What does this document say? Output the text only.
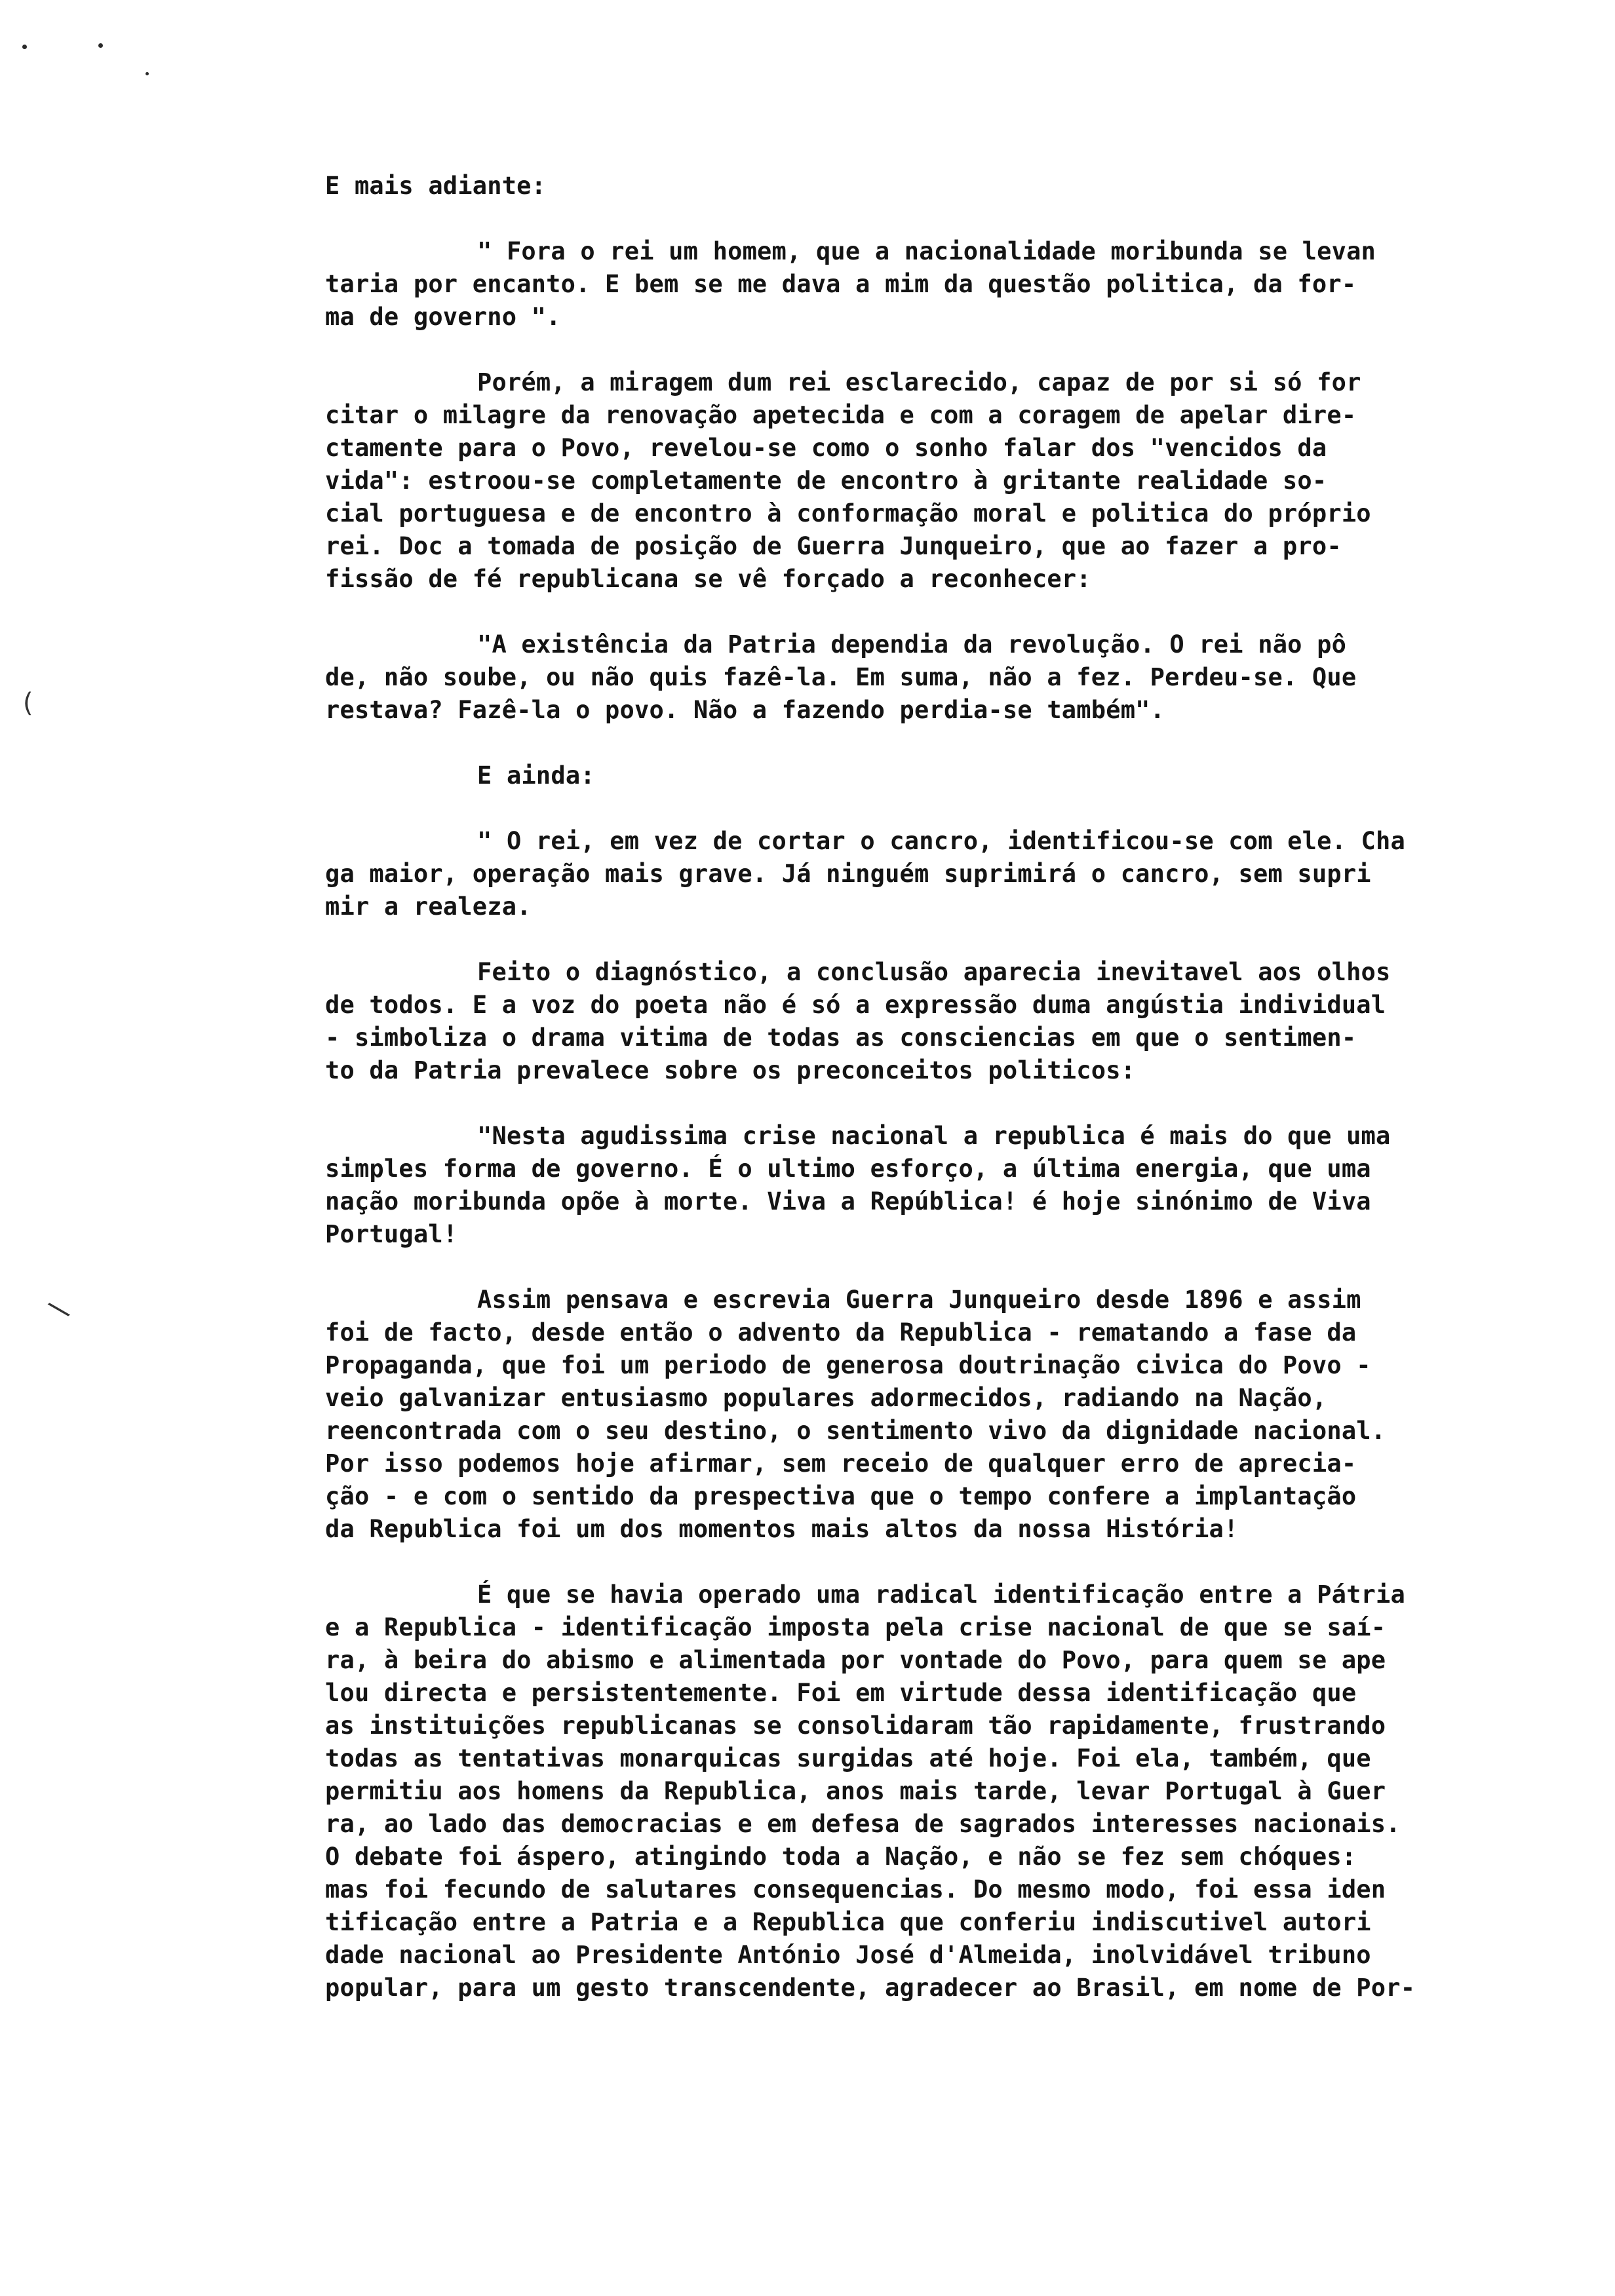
(
\
E mais adiante:
" Fora o rei um homem, que a nacionalidade moribunda se levan
taria por encanto. E bem se me dava a mim da questão politica, da for-
ma de governo ".
Porém, a miragem dum rei esclarecido, capaz de por si só for
citar o milagre da renovação apetecida e com a coragem de apelar dire-
ctamente para o Povo, revelou-se como o sonho falar dos "vencidos da
vida": estroou-se completamente de encontro à gritante realidade so-
cial portuguesa e de encontro à conformação moral e politica do próprio
rei. Doc a tomada de posição de Guerra Junqueiro, que ao fazer a pro-
fissão de fé republicana se vê forçado a reconhecer:
"A existência da Patria dependia da revolução. O rei não pô
de, não soube, ou não quis fazê-la. Em suma, não a fez. Perdeu-se. Que
restava? Fazê-la o povo. Não a fazendo perdia-se também".
E ainda:
" O rei, em vez de cortar o cancro, identificou-se com ele. Cha
ga maior, operação mais grave. Já ninguém suprimirá o cancro, sem supri
mir a realeza.
Feito o diagnóstico, a conclusão aparecia inevitavel aos olhos
de todos. E a voz do poeta não é só a expressão duma angústia individual
- simboliza o drama vitima de todas as consciencias em que o sentimen-
to da Patria prevalece sobre os preconceitos politicos:
"Nesta agudissima crise nacional a republica é mais do que uma
simples forma de governo. É o ultimo esforço, a última energia, que uma
nação moribunda opõe à morte. Viva a República! é hoje sinónimo de Viva
Portugal!
Assim pensava e escrevia Guerra Junqueiro desde 1896 e assim
foi de facto, desde então o advento da Republica - rematando a fase da
Propaganda, que foi um periodo de generosa doutrinação civica do Povo -
veio galvanizar entusiasmo populares adormecidos, radiando na Nação,
reencontrada com o seu destino, o sentimento vivo da dignidade nacional.
Por isso podemos hoje afirmar, sem receio de qualquer erro de aprecia-
ção - e com o sentido da prespectiva que o tempo confere a implantação
da Republica foi um dos momentos mais altos da nossa História!
É que se havia operado uma radical identificação entre a Pátria
e a Republica - identificação imposta pela crise nacional de que se saí-
ra, à beira do abismo e alimentada por vontade do Povo, para quem se ape
lou directa e persistentemente. Foi em virtude dessa identificação que
as instituições republicanas se consolidaram tão rapidamente, frustrando
todas as tentativas monarquicas surgidas até hoje. Foi ela, também, que
permitiu aos homens da Republica, anos mais tarde, levar Portugal à Guer
ra, ao lado das democracias e em defesa de sagrados interesses nacionais.
O debate foi áspero, atingindo toda a Nação, e não se fez sem chóques:
mas foi fecundo de salutares consequencias. Do mesmo modo, foi essa iden
tificação entre a Patria e a Republica que conferiu indiscutivel autori
dade nacional ao Presidente António José d'Almeida, inolvidável tribuno
popular, para um gesto transcendente, agradecer ao Brasil, em nome de Por-
